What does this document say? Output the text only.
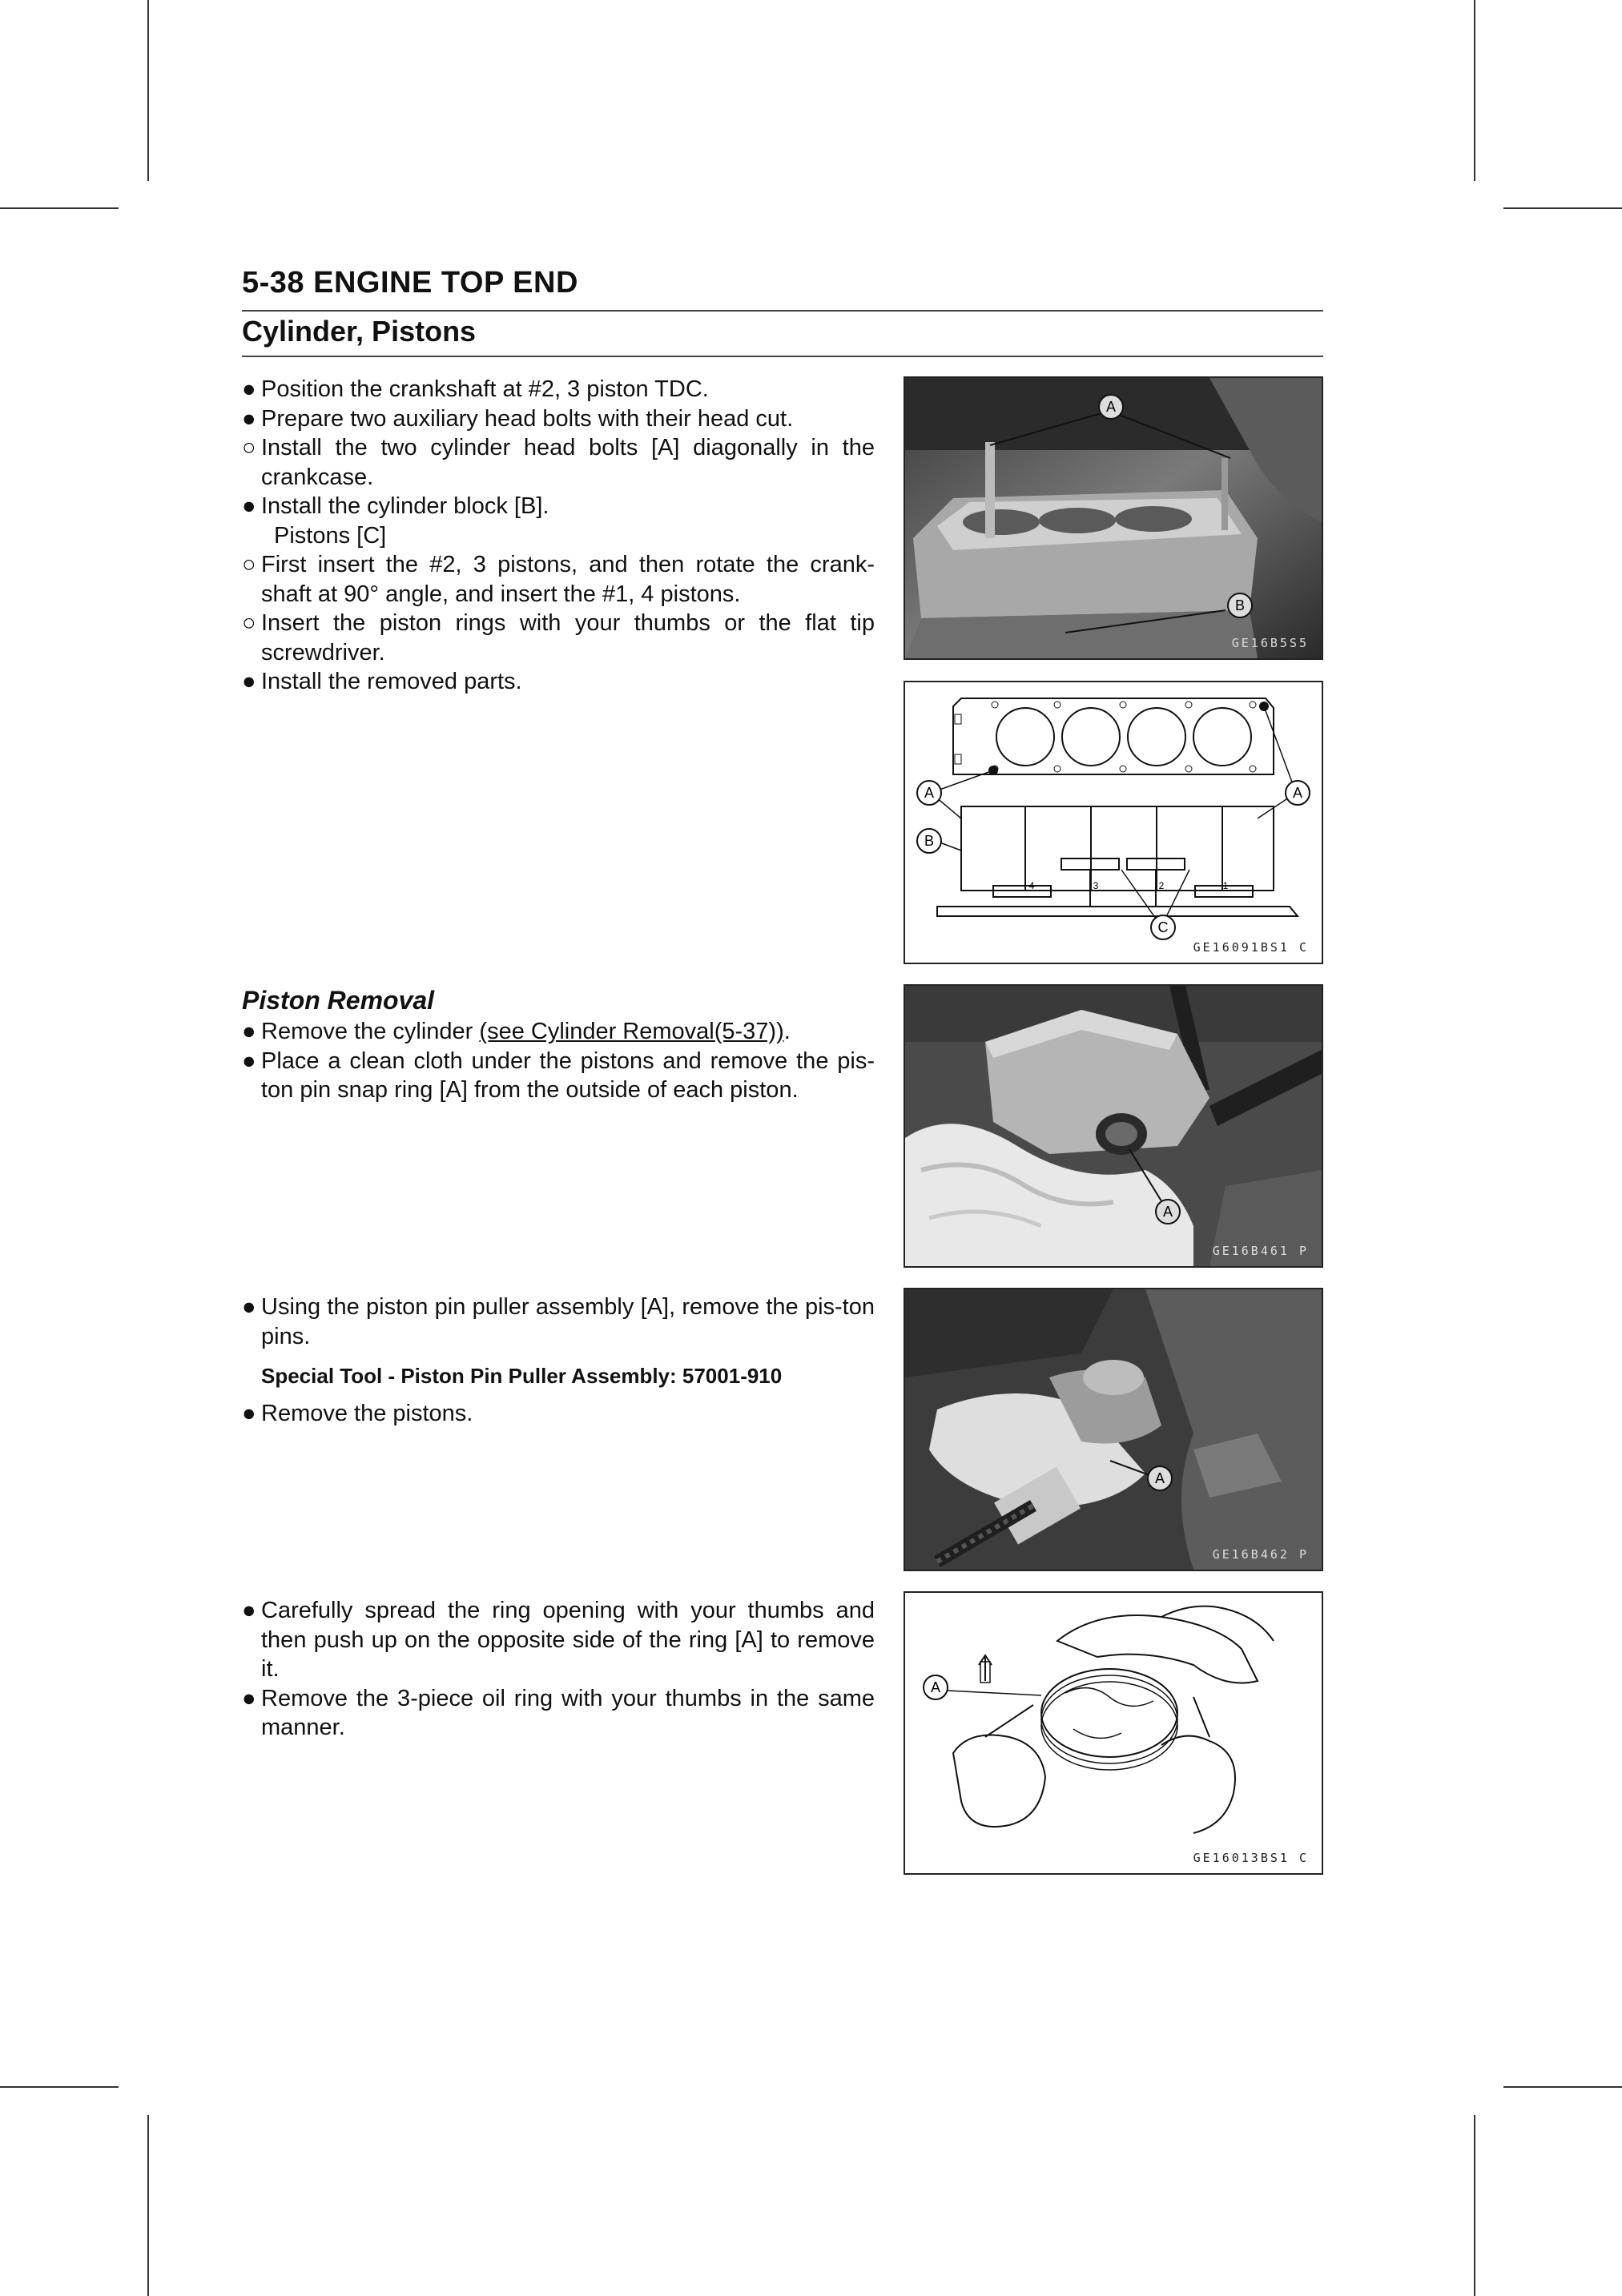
5-38 ENGINE TOP END
Cylinder, Pistons
● Position the crankshaft at #2, 3 piston TDC.
● Prepare two auxiliary head bolts with their head cut.
○ Install the two cylinder head bolts [A] diagonally in the crankcase.
● Install the cylinder block [B].
Pistons [C]
○ First insert the #2, 3 pistons, and then rotate the crank-shaft at 90° angle, and insert the #1, 4 pistons.
○ Insert the piston rings with your thumbs or the flat tip screwdriver.
● Install the removed parts.
Piston Removal
● Remove the cylinder (see Cylinder Removal(5-37)).
● Place a clean cloth under the pistons and remove the pis-ton pin snap ring [A] from the outside of each piston.
● Using the piston pin puller assembly [A], remove the pis-ton pins.
Special Tool - Piston Pin Puller Assembly: 57001-910
● Remove the pistons.
● Carefully spread the ring opening with your thumbs and then push up on the opposite side of the ring [A] to remove it.
● Remove the 3-piece oil ring with your thumbs in the same manner.
A
B
GE16B5S5
4	3	2	1
A	A
B
C
GE16091BS1 C
A
GE16B461 P
A
GE16B462 P
A
GE16013BS1 C
